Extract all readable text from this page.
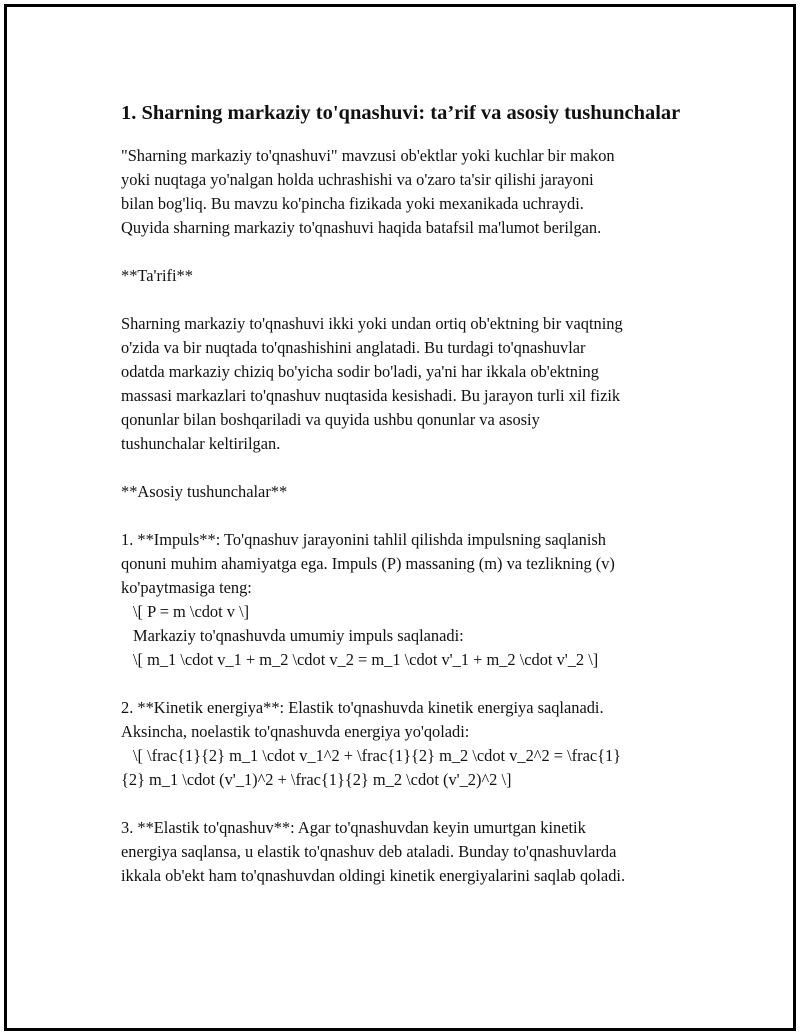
1. Sharning markaziy to'qnashuvi: ta’rif va asosiy tushunchalar

"Sharning markaziy to'qnashuvi" mavzusi ob'ektlar yoki kuchlar bir makon
yoki nuqtaga yo'nalgan holda uchrashishi va o'zaro ta'sir qilishi jarayoni
bilan bog'liq. Bu mavzu ko'pincha fizikada yoki mexanikada uchraydi.
Quyida sharning markaziy to'qnashuvi haqida batafsil ma'lumot berilgan.

**Ta'rifi**

Sharning markaziy to'qnashuvi ikki yoki undan ortiq ob'ektning bir vaqtning
o'zida va bir nuqtada to'qnashishini anglatadi. Bu turdagi to'qnashuvlar
odatda markaziy chiziq bo'yicha sodir bo'ladi, ya'ni har ikkala ob'ektning
massasi markazlari to'qnashuv nuqtasida kesishadi. Bu jarayon turli xil fizik
qonunlar bilan boshqariladi va quyida ushbu qonunlar va asosiy
tushunchalar keltirilgan.

**Asosiy tushunchalar**

1. **Impuls**: To'qnashuv jarayonini tahlil qilishda impulsning saqlanish
qonuni muhim ahamiyatga ega. Impuls (P) massaning (m) va tezlikning (v)
ko'paytmasiga teng:
\[ P = m \cdot v \]
Markaziy to'qnashuvda umumiy impuls saqlanadi:
\[ m_1 \cdot v_1 + m_2 \cdot v_2 = m_1 \cdot v'_1 + m_2 \cdot v'_2 \]

2. **Kinetik energiya**: Elastik to'qnashuvda kinetik energiya saqlanadi.
Aksincha, noelastik to'qnashuvda energiya yo'qoladi:
\[ \frac{1}{2} m_1 \cdot v_1^2 + \frac{1}{2} m_2 \cdot v_2^2 = \frac{1}
{2} m_1 \cdot (v'_1)^2 + \frac{1}{2} m_2 \cdot (v'_2)^2 \]

3. **Elastik to'qnashuv**: Agar to'qnashuvdan keyin umurtgan kinetik
energiya saqlansa, u elastik to'qnashuv deb ataladi. Bunday to'qnashuvlarda
ikkala ob'ekt ham to'qnashuvdan oldingi kinetik energiyalarini saqlab qoladi.
